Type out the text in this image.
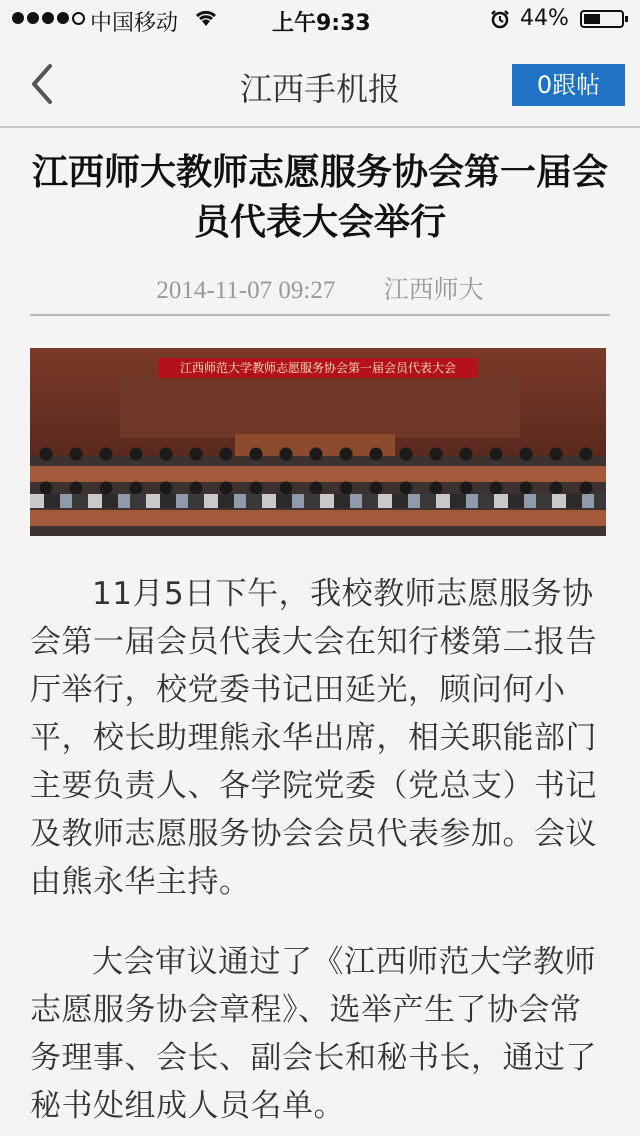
中国移动	上午9:33	44%
江西手机报	0跟帖
江西师大教师志愿服务协会第一届会员代表大会举行
2014-11-07 09:27 江西师大
江西师范大学教师志愿服务协会第一届会员代表大会
11月5日下午，我校教师志愿服务协会第一届会员代表大会在知行楼第二报告厅举行，校党委书记田延光，顾问何小平，校长助理熊永华出席，相关职能部门主要负责人、各学院党委（党总支）书记及教师志愿服务协会会员代表参加。会议由熊永华主持。
大会审议通过了《江西师范大学教师志愿服务协会章程》、选举产生了协会常务理事、会长、副会长和秘书长，通过了秘书处组成人员名单。
